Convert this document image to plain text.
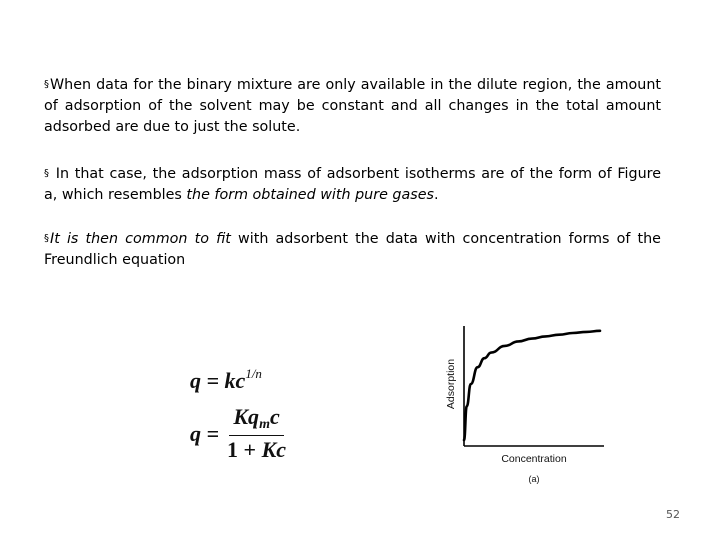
§When data for the binary mixture are only available in the dilute region, the amount of adsorption of the solvent may be constant and all changes in the total amount adsorbed are due to just the solute.
§ In that case, the adsorption mass of adsorbent isotherms are of the form of Figure a, which resembles the form obtained with pure gases.
§It is then common to fit with adsorbent the data with concentration forms of the Freundlich equation
$q = kc^{1/n}$
$q = \frac{Kq_mc}{1 + Kc}$
Adsorption
Concentration
(a)
52
